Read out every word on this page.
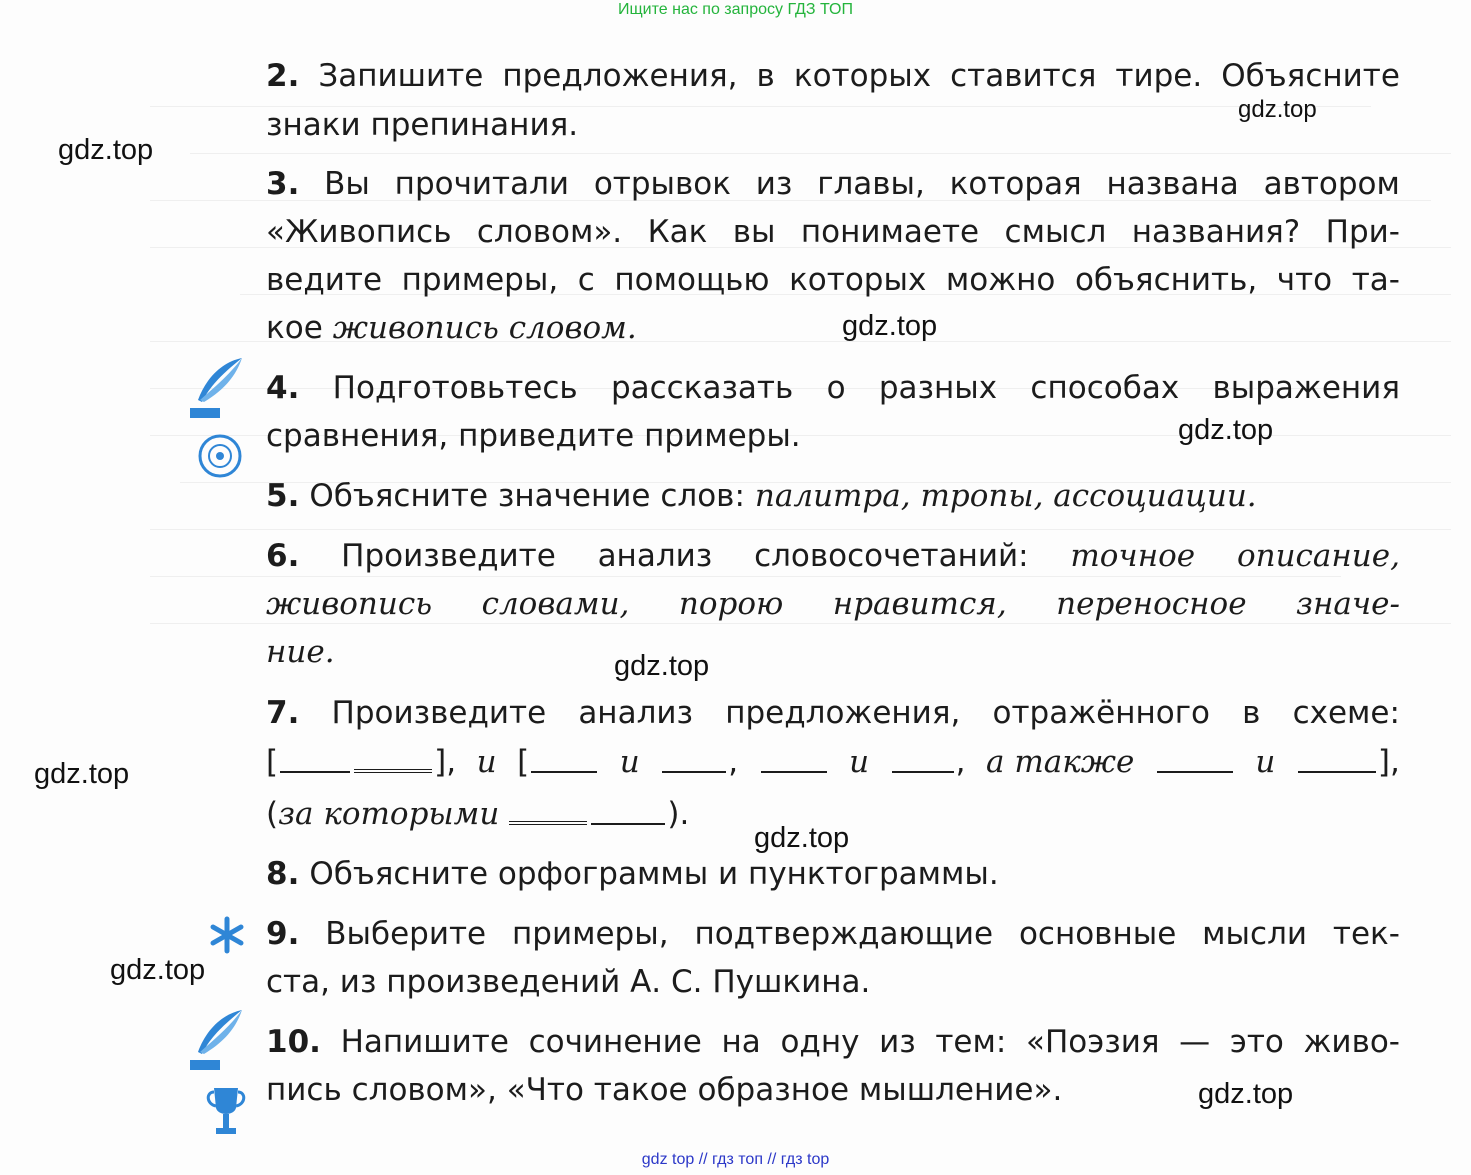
Ищите нас по запросу ГДЗ ТОП
gdz.top
gdz.top
gdz.top
gdz.top
gdz.top
gdz.top
gdz.top
gdz.top
gdz.top
2. Запишите предложения, в которых ставится тире. Объясните
знаки препинания.
3. Вы прочитали отрывок из главы, которая названа автором
«Живопись словом». Как вы понимаете смысл названия? При-
ведите примеры, с помощью которых можно объяснить, что та-
кое живопись словом.
4. Подготовьтесь рассказать о разных способах выражения
сравнения, приведите примеры.
5. Объясните значение слов: палитра, тропы, ассоциации.
6. Произведите анализ словосочетаний: точное описание,
живопись словами, порою нравится, переносное значе-
ние.
7. Произведите анализ предложения, отражённого в схеме:
[	], и [	и	,	и	, а также	и	],
(за которыми	).
8. Объясните орфограммы и пунктограммы.
9. Выберите примеры, подтверждающие основные мысли тек-
ста, из произведений А. С. Пушкина.
10. Напишите сочинение на одну из тем: «Поэзия — это живо-
пись словом», «Что такое образное мышление».
gdz top // гдз топ // гдз top
